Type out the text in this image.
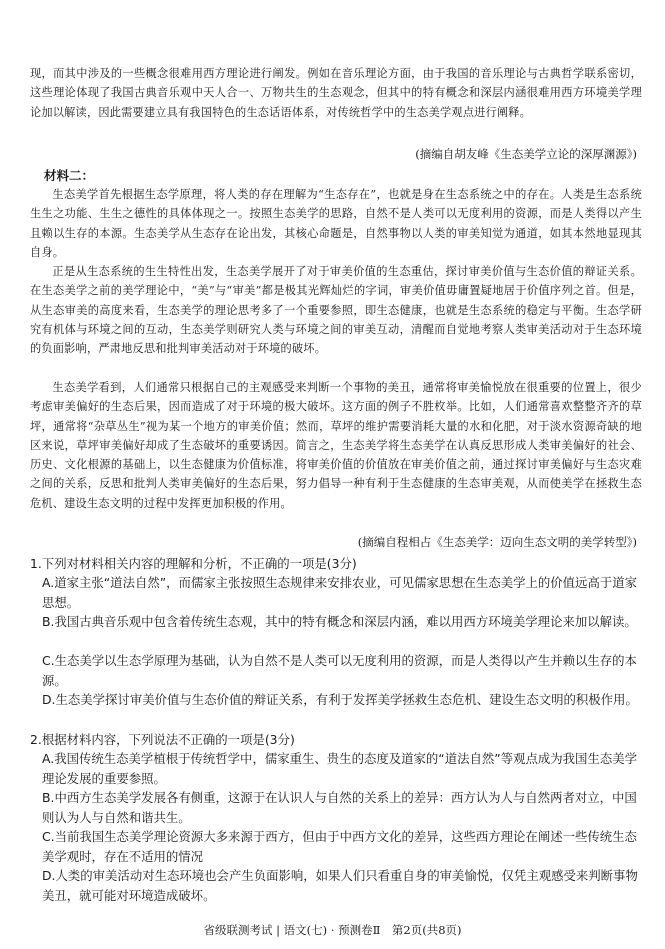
现，而其中涉及的一些概念很难用西方理论进行阐发。例如在音乐理论方面，由于我国的音乐理论与古典哲学联系密切，这些理论体现了我国古典音乐观中天人合一、万物共生的生态观念，但其中的特有概念和深层内涵很难用西方环境美学理论加以解读，因此需要建立具有我国特色的生态话语体系，对传统哲学中的生态美学观点进行阐释。
(摘编自胡友峰《生态美学立论的深厚渊源》)
材料二：
生态美学首先根据生态学原理，将人类的存在理解为“生态存在”，也就是身在生态系统之中的存在。人类是生态系统生生之功能、生生之德性的具体体现之一。按照生态美学的思路，自然不是人类可以无度利用的资源，而是人类得以产生且赖以生存的本源。生态美学从生态存在论出发，其核心命题是，自然事物以人类的审美知觉为通道，如其本然地显现其自身。
正是从生态系统的生生特性出发，生态美学展开了对于审美价值的生态重估，探讨审美价值与生态价值的辩证关系。在生态美学之前的美学理论中，“美”与“审美”都是极其光辉灿烂的字词，审美价值毋庸置疑地居于价值序列之首。但是，从生态审美的高度来看，生态美学的理论思考多了一个重要参照，即生态健康，也就是生态系统的稳定与平衡。生态学研究有机体与环境之间的互动，生态美学则研究人类与环境之间的审美互动，清醒而自觉地考察人类审美活动对于生态环境的负面影响，严肃地反思和批判审美活动对于环境的破坏。
生态美学看到，人们通常只根据自己的主观感受来判断一个事物的美丑，通常将审美愉悦放在很重要的位置上，很少考虑审美偏好的生态后果，因而造成了对于环境的极大破坏。这方面的例子不胜枚举。比如，人们通常喜欢整整齐齐的草坪，通常将“杂草丛生”视为某一个地方的审美价值；然而，草坪的维护需要消耗大量的水和化肥，对于淡水资源奇缺的地区来说，草坪审美偏好却成了生态破坏的重要诱因。简言之，生态美学将生态美学在认真反思形成人类审美偏好的社会、历史、文化根源的基础上，以生态健康为价值标准，将审美价值的价值放在审美价值之前，通过探讨审美偏好与生态灾难之间的关系，反思和批判人类审美偏好的生态后果，努力倡导一种有利于生态健康的生态审美观，从而使美学在拯救生态危机、建设生态文明的过程中发挥更加积极的作用。
(摘编自程相占《生态美学：迈向生态文明的美学转型》)
1.下列对材料相关内容的理解和分析，不正确的一项是(3分)
A.道家主张“道法自然”，而儒家主张按照生态规律来安排农业，可见儒家思想在生态美学上的价值远高于道家思想。
B.我国古典音乐观中包含着传统生态观，其中的特有概念和深层内涵，难以用西方环境美学理论来加以解读。
C.生态美学以生态学原理为基础，认为自然不是人类可以无度利用的资源，而是人类得以产生并赖以生存的本源。
D.生态美学探讨审美价值与生态价值的辩证关系，有利于发挥美学拯救生态危机、建设生态文明的积极作用。
2.根据材料内容，下列说法不正确的一项是(3分)
A.我国传统生态美学植根于传统哲学中，儒家重生、贵生的态度及道家的“道法自然”等观点成为我国生态美学理论发展的重要参照。
B.中西方生态美学发展各有侧重，这源于在认识人与自然的关系上的差异：西方认为人与自然两者对立，中国则认为人与自然和谐共生。
C.当前我国生态美学理论资源大多来源于西方，但由于中西方文化的差异，这些西方理论在阐述一些传统生态美学观时，存在不适用的情况
D.人类的审美活动对生态环境也会产生负面影响，如果人们只看重自身的审美愉悦，仅凭主观感受来判断事物美丑，就可能对环境造成破坏。
省级联测考试 | 语文(七) · 预测卷Ⅱ　第2页(共8页)
